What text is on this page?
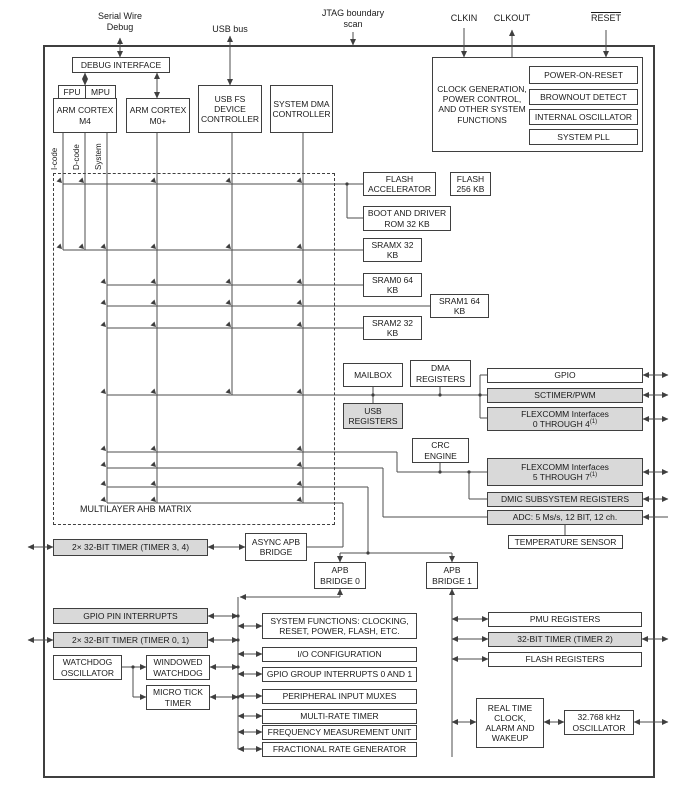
MULTILAYER AHB MATRIX
Serial Wire Debug	USB bus
JTAG boundary scan
CLKIN	CLKOUT	RESET
DEBUG INTERFACE
FPU	MPU
ARM CORTEX M4
ARM CORTEX M0+
USB FS DEVICE CONTROLLER
SYSTEM DMA CONTROLLER
I-code D-code System
CLOCK GENERATION, POWER CONTROL, AND OTHER SYSTEM FUNCTIONS
POWER-ON-RESET
BROWNOUT DETECT
INTERNAL OSCILLATOR
SYSTEM PLL
FLASH ACCELERATOR
FLASH 256 KB
BOOT AND DRIVER ROM 32 KB
SRAMX 32 KB
SRAM0 64 KB
SRAM1 64 KB
SRAM2 32 KB
MAILBOX
DMA REGISTERS
USB REGISTERS
CRC ENGINE
GPIO
SCTIMER/PWM
FLEXCOMM Interfaces
0 THROUGH 4$^{(1)}$
FLEXCOMM Interfaces
5 THROUGH 7$^{(1)}$
DMIC SUBSYSTEM REGISTERS
ADC: 5 Ms/s, 12 BIT, 12 ch.
TEMPERATURE SENSOR
2× 32-BIT TIMER (TIMER 3, 4)
ASYNC APB BRIDGE
APB BRIDGE 0
APB BRIDGE 1
GPIO PIN INTERRUPTS
2× 32-BIT TIMER (TIMER 0, 1)
WATCHDOG OSCILLATOR
WINDOWED WATCHDOG
MICRO TICK TIMER
SYSTEM FUNCTIONS: CLOCKING, RESET, POWER, FLASH, ETC.
I/O CONFIGURATION
GPIO GROUP INTERRUPTS 0 AND 1
PERIPHERAL INPUT MUXES
MULTI-RATE TIMER
FREQUENCY MEASUREMENT UNIT
FRACTIONAL RATE GENERATOR
PMU REGISTERS
32-BIT TIMER (TIMER 2)
FLASH REGISTERS
REAL TIME CLOCK, ALARM AND WAKEUP
32.768 kHz OSCILLATOR
